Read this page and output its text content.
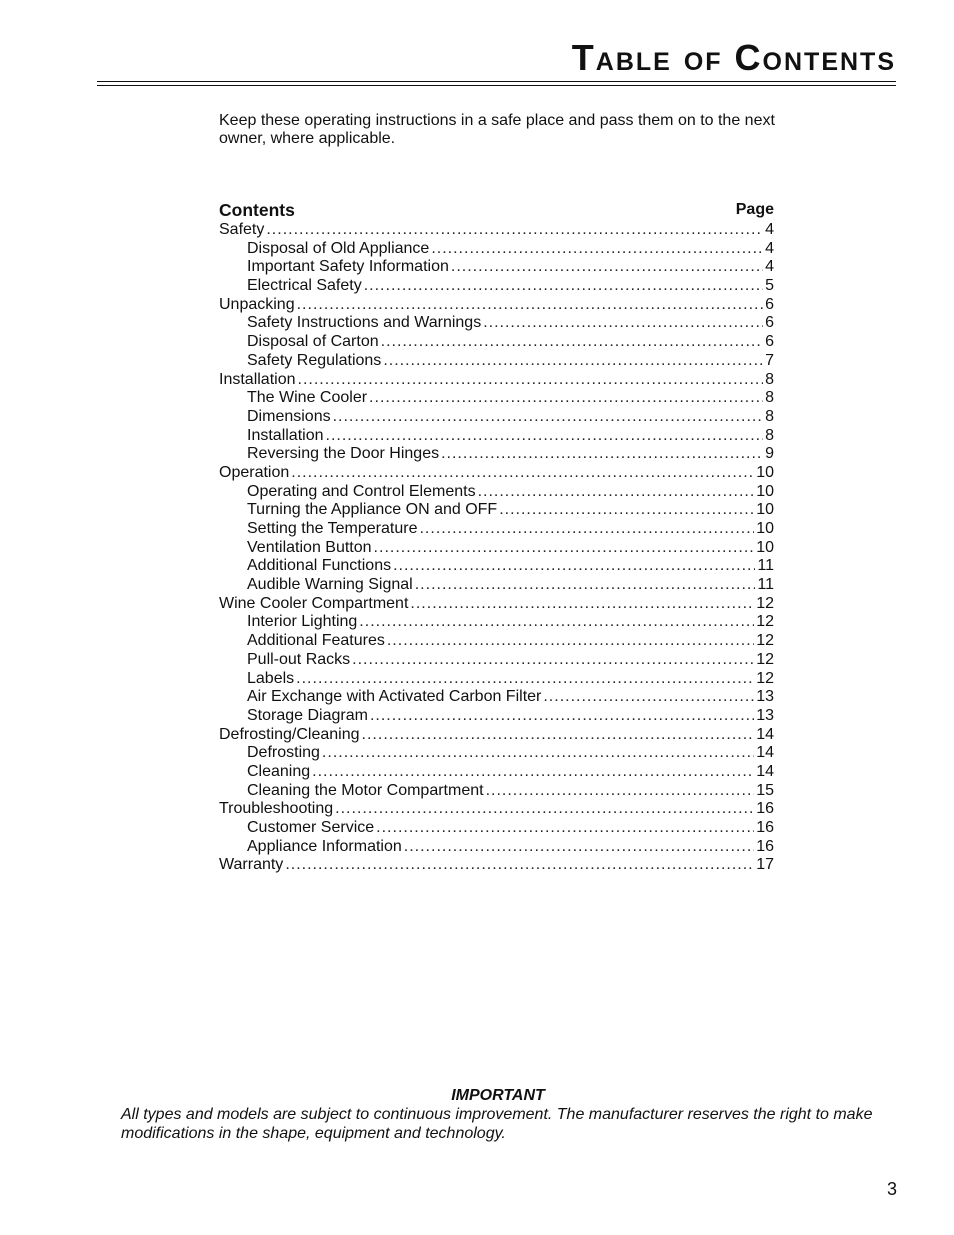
Table of Contents

Keep these operating instructions in a safe place and pass them on to the next owner, where applicable.

Contents	Page
Safety .....	4
Disposal of Old Appliance .....	4
Important Safety Information .....	4
Electrical Safety .....	5
Unpacking .....	6
Safety Instructions and Warnings .....	6
Disposal of Carton .....	6
Safety Regulations .....	7
Installation .....	8
The Wine Cooler .....	8
Dimensions .....	8
Installation .....	8
Reversing the Door Hinges .....	9
Operation .....	10
Operating and Control Elements .....	10
Turning the Appliance ON and OFF .....	10
Setting the Temperature .....	10
Ventilation Button .....	10
Additional Functions .....	11
Audible Warning Signal .....	11
Wine Cooler Compartment .....	12
Interior Lighting .....	12
Additional Features .....	12
Pull-out Racks .....	12
Labels .....	12
Air Exchange with Activated Carbon Filter .....	13
Storage Diagram .....	13
Defrosting/Cleaning .....	14
Defrosting .....	14
Cleaning .....	14
Cleaning the Motor Compartment .....	15
Troubleshooting .....	16
Customer Service .....	16
Appliance Information .....	16
Warranty .....	17

IMPORTANT

All types and models are subject to continuous improvement. The manufacturer reserves the right to make modifications in the shape, equipment and technology.

3
